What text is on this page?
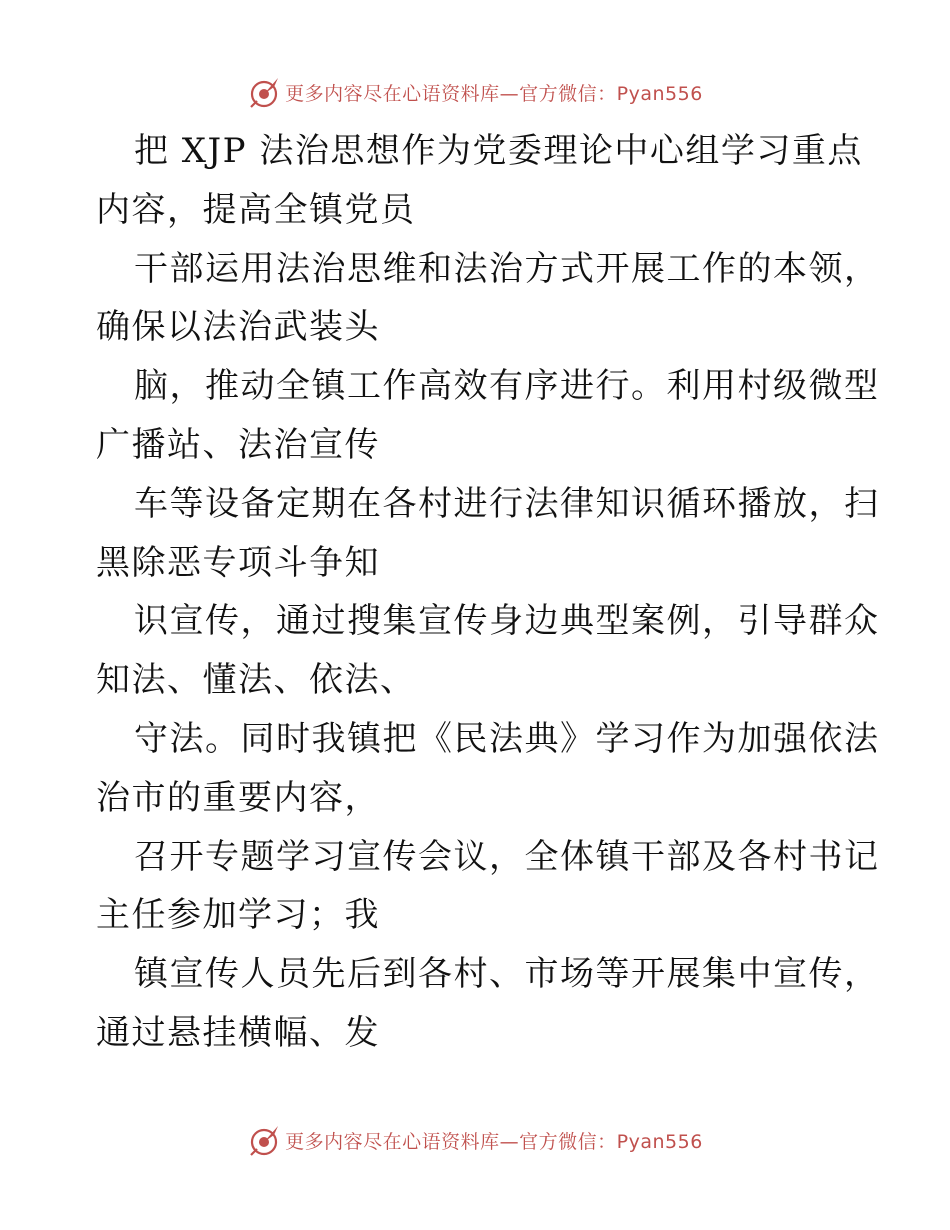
更多内容尽在心语资料库—官方微信：Pyan556
把 XJP 法治思想作为党委理论中心组学习重点
内容，提高全镇党员
干部运用法治思维和法治方式开展工作的本领，
确保以法治武装头
脑，推动全镇工作高效有序进行。利用村级微型
广播站、法治宣传
车等设备定期在各村进行法律知识循环播放，扫
黑除恶专项斗争知
识宣传，通过搜集宣传身边典型案例，引导群众
知法、懂法、依法、
守法。同时我镇把《民法典》学习作为加强依法
治市的重要内容，
召开专题学习宣传会议，全体镇干部及各村书记
主任参加学习；我
镇宣传人员先后到各村、市场等开展集中宣传，
通过悬挂横幅、发
更多内容尽在心语资料库—官方微信：Pyan556
